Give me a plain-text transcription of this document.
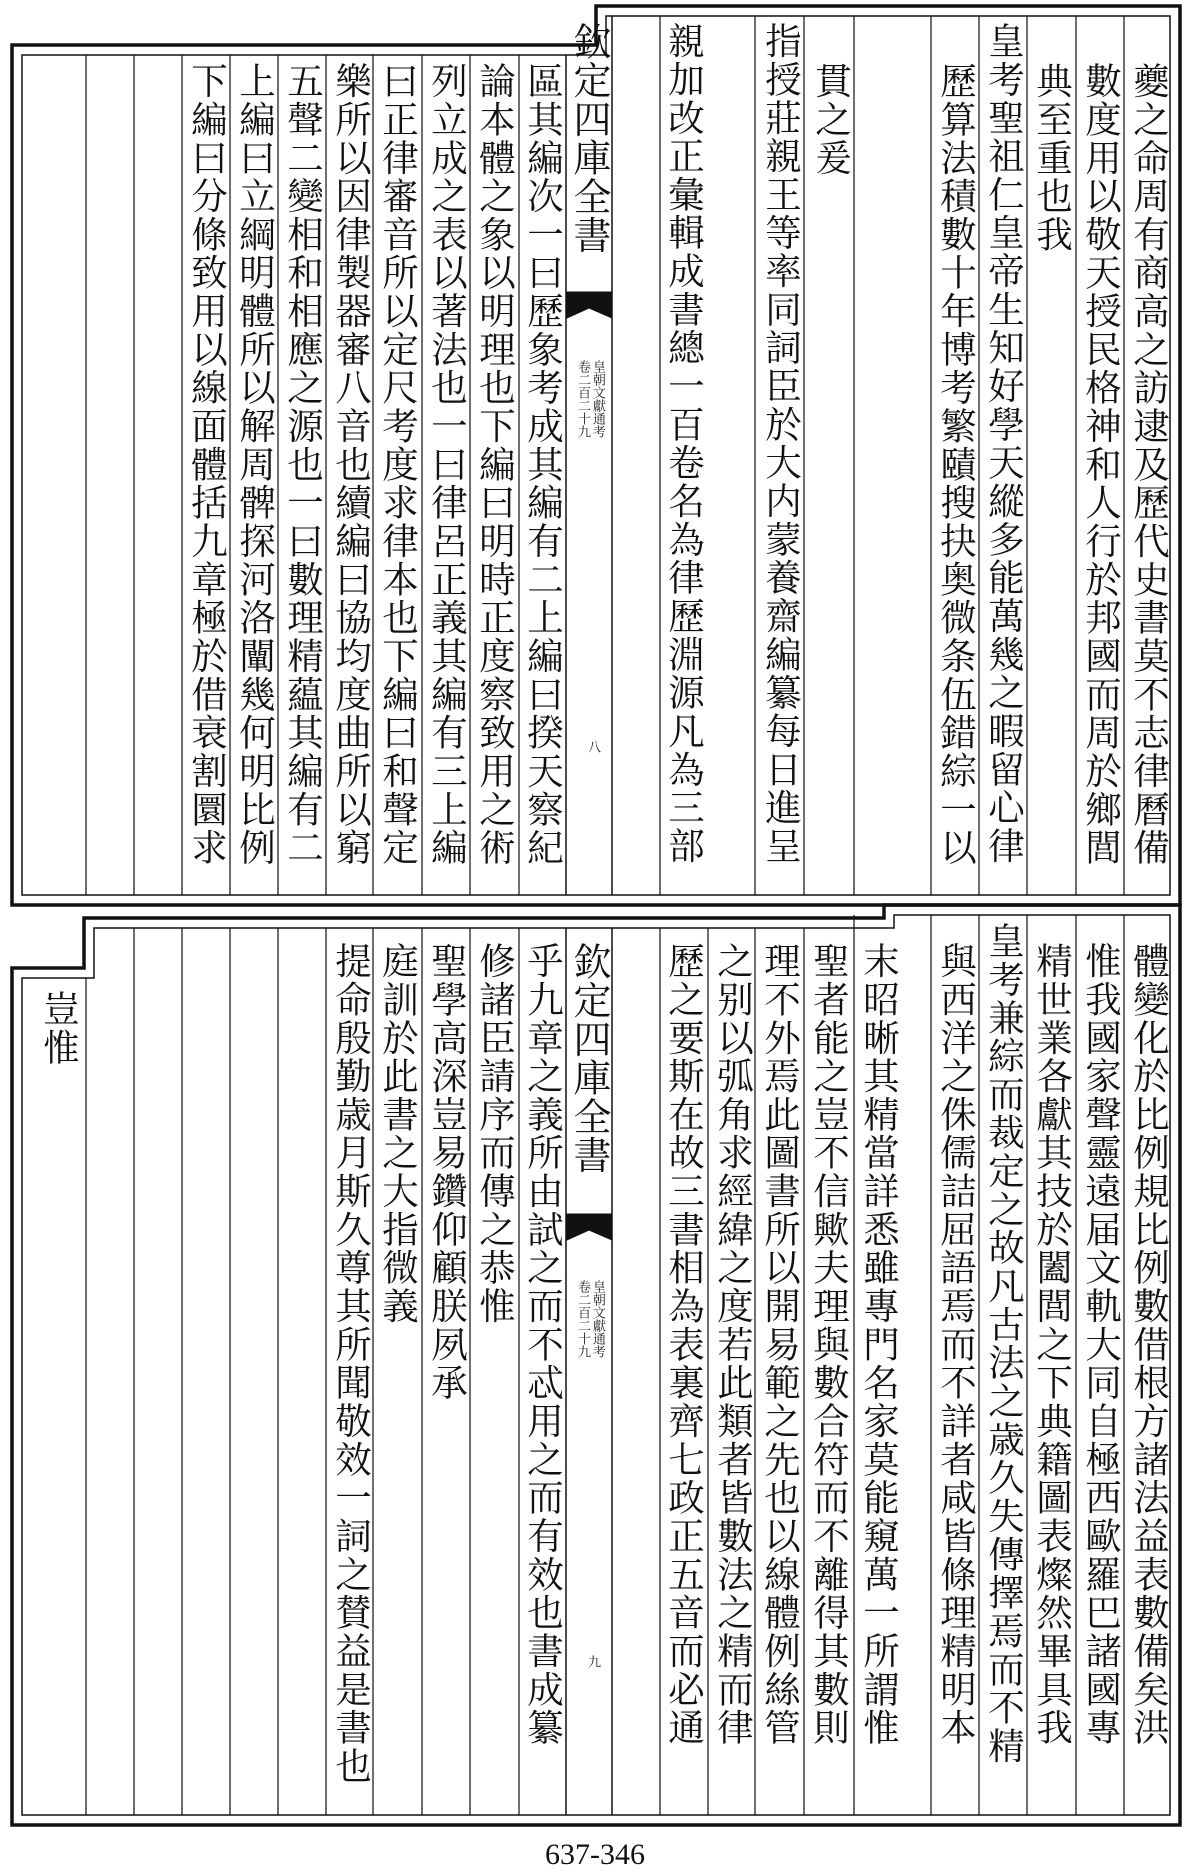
夔之命周有商高之訪逮及歷代史書莫不志律曆備
數度用以敬天授民格神和人行於邦國而周於鄉閭
典至重也我
皇考聖祖仁皇帝生知好學天縱多能萬幾之暇留心律
歷算法積數十年博考繁賾搜抉奥微条伍錯綜一以
貫之爰
指授莊親王等率同詞臣於大内蒙養齋編纂每日進呈
親加改正彙輯成書總一百卷名為律歷淵源凡為三部
區其編次一曰歷象考成其編有二上編曰揆天察紀
論本體之象以明理也下編曰明時正度察致用之術
列立成之表以著法也一曰律呂正義其編有三上編
曰正律審音所以定尺考度求律本也下編曰和聲定
樂所以因律製器審八音也續編曰協均度曲所以窮
五聲二變相和相應之源也一曰數理精藴其編有二
上編曰立綱明體所以解周髀探河洛闡幾何明比例
下編曰分條致用以線面體括九章極於借衰割圜求	欽定四庫全書
皇朝文獻通考
卷二百二十九
八
體變化於比例規比例數借根方諸法益表數備矣洪
惟我國家聲靈遠届文軌大同自極西歐羅巴諸國專
精世業各獻其技於闔閭之下典籍圖表燦然畢具我
皇考兼綜而裁定之故凡古法之歳久失傳擇焉而不精
與西洋之侏儒詰屈語焉而不詳者咸皆條理精明本
末昭晰其精當詳悉雖專門名家莫能窺萬一所謂惟
聖者能之豈不信歟夫理與數合符而不離得其數則
理不外焉此圖書所以開易範之先也以線體例絲管
之别以弧角求經緯之度若此類者皆數法之精而律
歷之要斯在故三書相為表裏齊七政正五音而必通
乎九章之義所由試之而不忒用之而有效也書成纂
修諸臣請序而傳之恭惟
聖學高深豈易鑽仰顧朕夙承
庭訓於此書之大指微義
提命殷勤歳月斯久尊其所聞敬效一詞之賛益是書也
豈惟	欽定四庫全書
皇朝文獻通考
卷二百二十九
九
637-346
